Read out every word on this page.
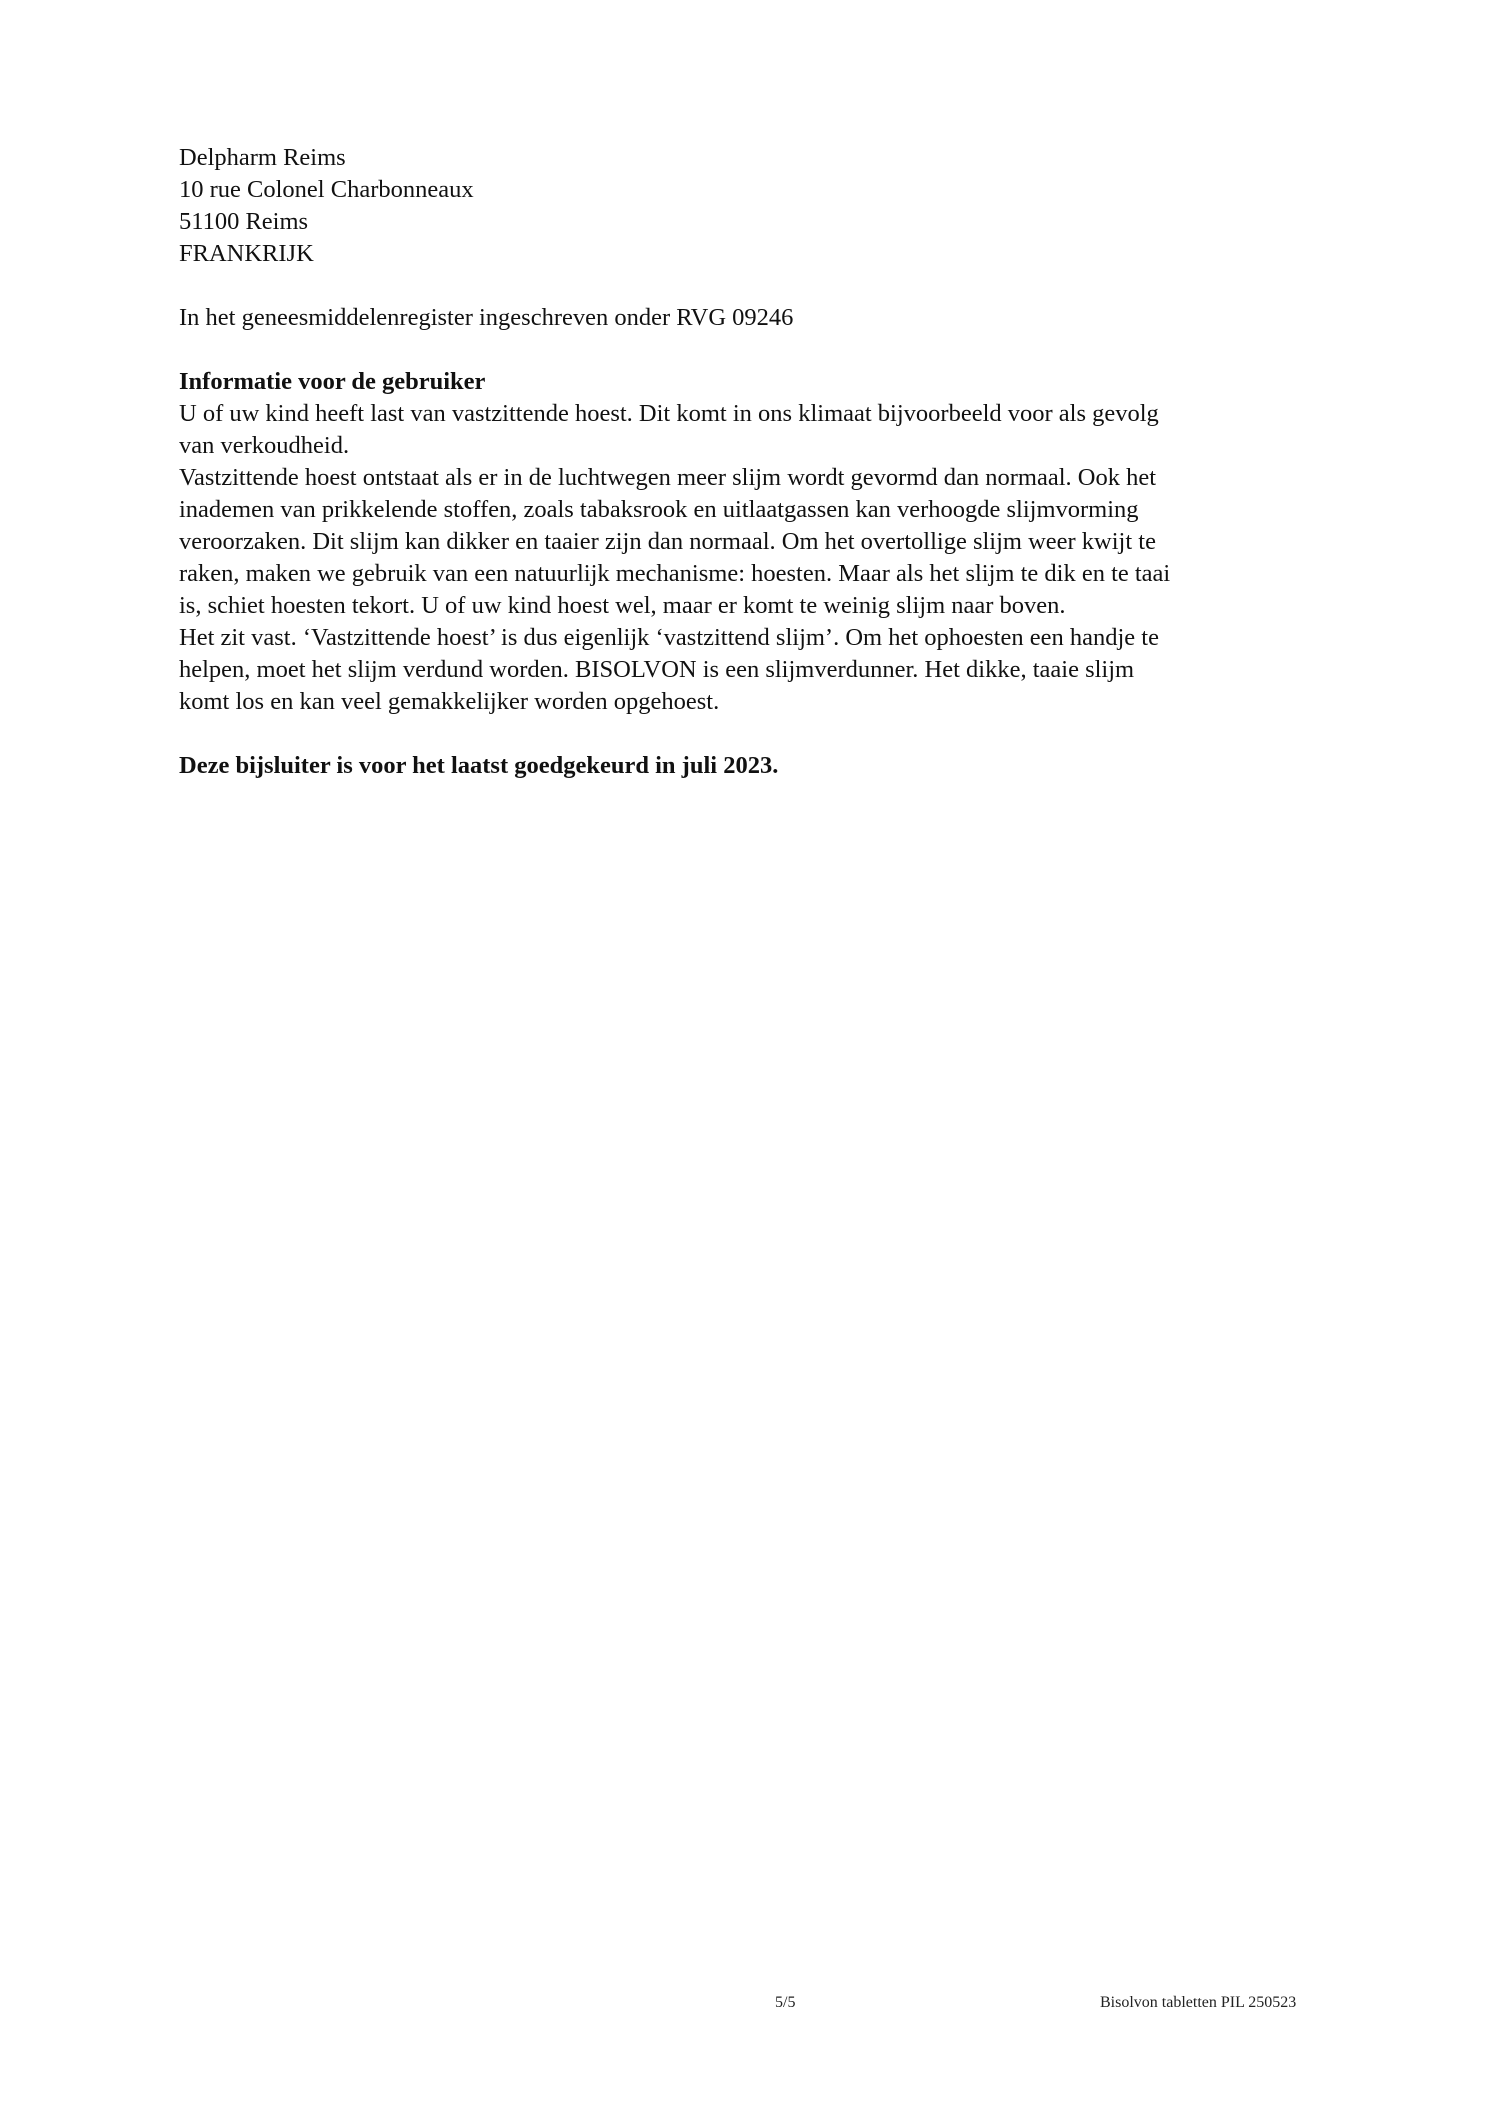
Delpharm Reims
10 rue Colonel Charbonneaux
51100 Reims
FRANKRIJK
In het geneesmiddelenregister ingeschreven onder RVG 09246
Informatie voor de gebruiker
U of uw kind heeft last van vastzittende hoest. Dit komt in ons klimaat bijvoorbeeld voor als gevolg
van verkoudheid.
Vastzittende hoest ontstaat als er in de luchtwegen meer slijm wordt gevormd dan normaal. Ook het
inademen van prikkelende stoffen, zoals tabaksrook en uitlaatgassen kan verhoogde slijmvorming
veroorzaken. Dit slijm kan dikker en taaier zijn dan normaal. Om het overtollige slijm weer kwijt te
raken, maken we gebruik van een natuurlijk mechanisme: hoesten. Maar als het slijm te dik en te taai
is, schiet hoesten tekort. U of uw kind hoest wel, maar er komt te weinig slijm naar boven.
Het zit vast. ‘Vastzittende hoest’ is dus eigenlijk ‘vastzittend slijm’. Om het ophoesten een handje te
helpen, moet het slijm verdund worden. BISOLVON is een slijmverdunner. Het dikke, taaie slijm
komt los en kan veel gemakkelijker worden opgehoest.
Deze bijsluiter is voor het laatst goedgekeurd in juli 2023.
5/5	Bisolvon tabletten PIL 250523
